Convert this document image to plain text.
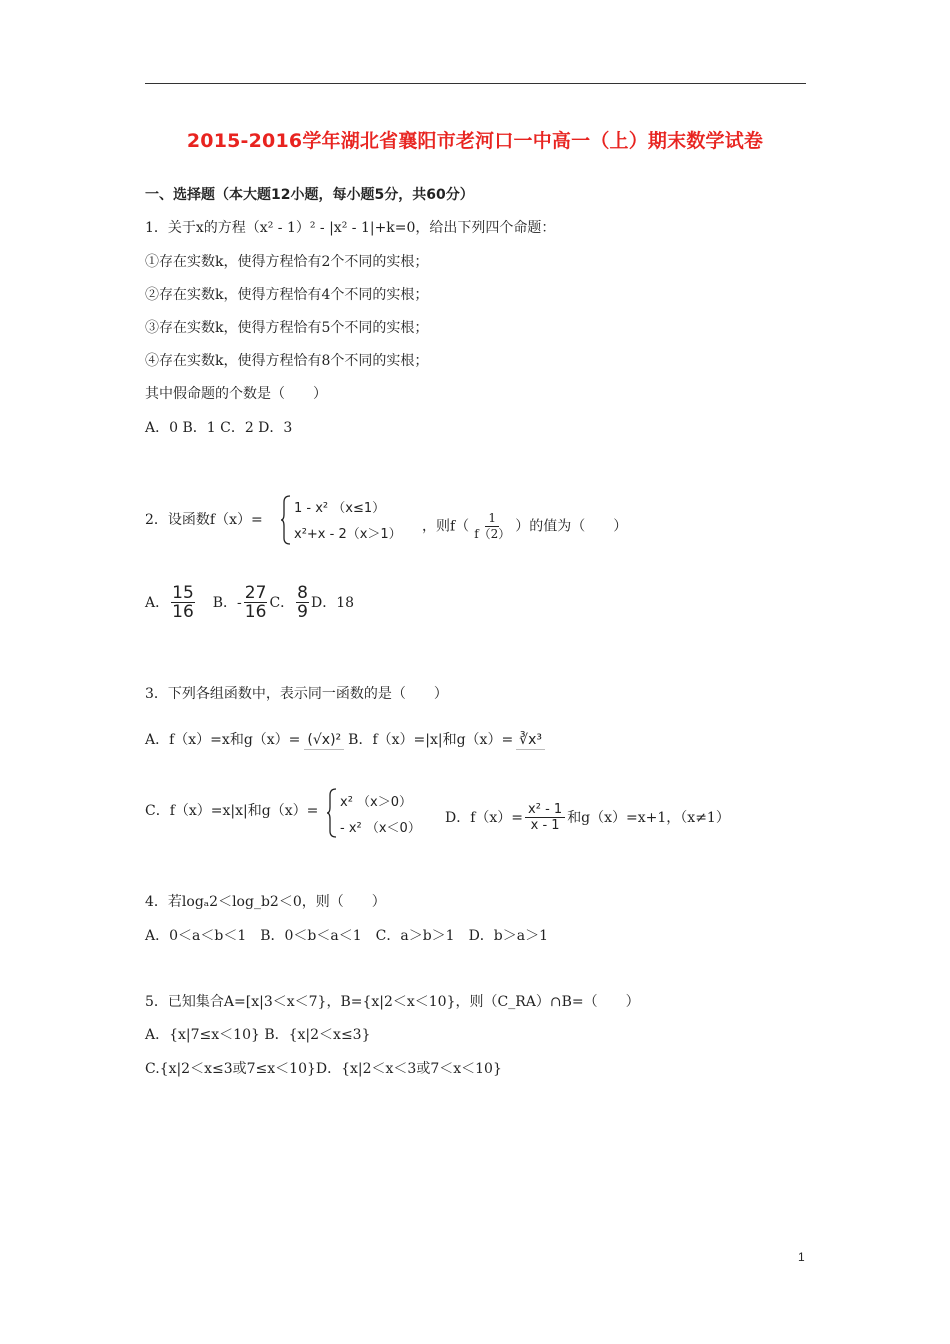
2015-2016学年湖北省襄阳市老河口一中高一（上）期末数学试卷
一、选择题（本大题12小题，每小题5分，共60分）
1．关于x的方程（x² - 1）² - |x² - 1|+k=0，给出下列四个命题：
①存在实数k，使得方程恰有2个不同的实根；
②存在实数k，使得方程恰有4个不同的实根；
③存在实数k，使得方程恰有5个不同的实根；
④存在实数k，使得方程恰有8个不同的实根；
其中假命题的个数是（　　）
A．0 B．1 C．2 D．3
2．设函数f（x）=
1 - x² （x≤1）
x²+x - 2（x＞1） ，则$f( \frac{1}{f(2)}$ ）的值为（　　）
A． $\frac{15}{16}$ B．- $\frac{27}{16}$ C． $\frac{8}{9}$ D．18
3．下列各组函数中，表示同一函数的是（　　）
A．f（x）=x和g（x）= (√x)² B．f（x）=|x|和g（x）= ∛x³
C．f（x）=x|x|和g（x）=
x² （x＞0）
- x² （x＜0）
D．$f(x)= \frac{\text{x² - 1}}{x - 1}$ 和g（x）=x+1，（x≠1）
4．若logₐ2＜log_b2＜0，则（　　）
A．0＜a＜b＜1　B．0＜b＜a＜1　C．a＞b＞1　D．b＞a＞1
5．已知集合A=[x|3＜x＜7}，B={x|2＜x＜10}，则（C_RA）∩B=（　　）
A．{x|7≤x＜10} B．{x|2＜x≤3}
C.{x|2＜x≤3或7≤x＜10}D．{x|2＜x＜3或7＜x＜10}
1
